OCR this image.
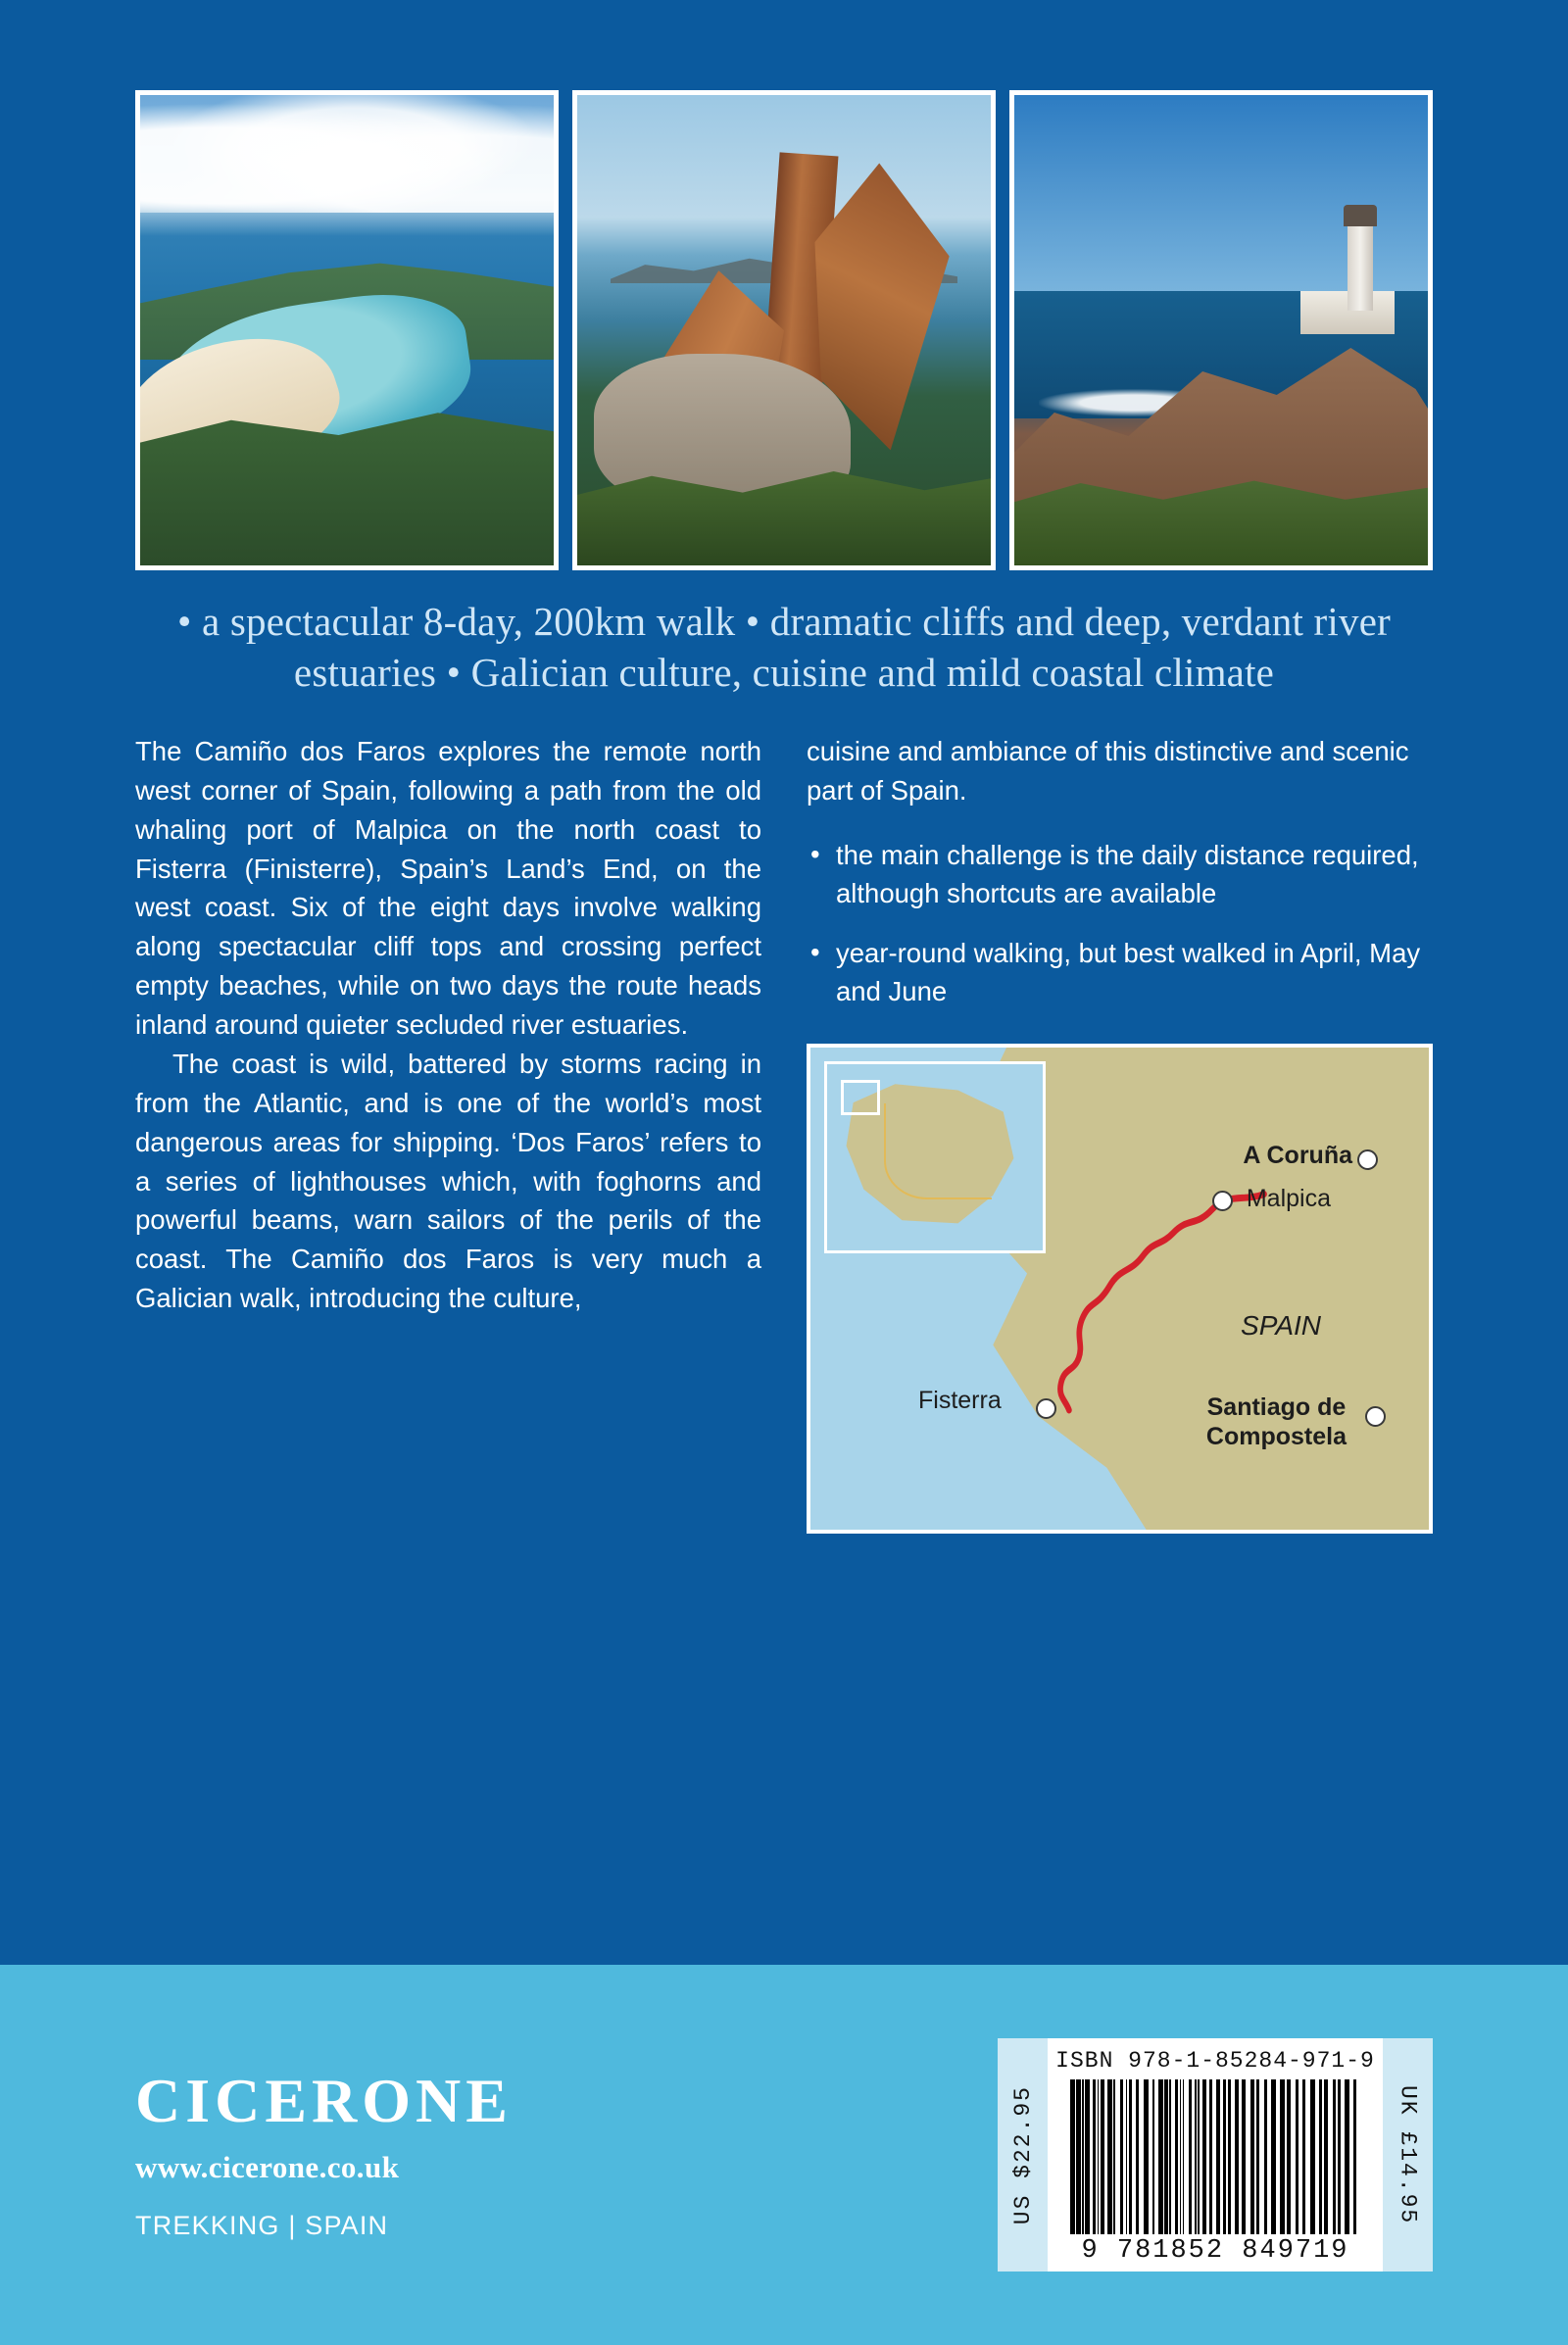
• a spectacular 8-day, 200km walk • dramatic cliffs and deep, verdant river estuaries • Galician culture, cuisine and mild coastal climate

The Camiño dos Faros explores the remote north west corner of Spain, following a path from the old whaling port of Malpica on the north coast to Fisterra (Finisterre), Spain’s Land’s End, on the west coast. Six of the eight days involve walking along spectacular cliff tops and crossing perfect empty beaches, while on two days the route heads inland around quieter secluded river estuaries.

The coast is wild, battered by storms racing in from the Atlantic, and is one of the world’s most dangerous areas for shipping. ‘Dos Faros’ refers to a series of lighthouses which, with foghorns and powerful beams, warn sailors of the perils of the coast. The Camiño dos Faros is very much a Galician walk, introducing the culture,

cuisine and ambiance of this distinctive and scenic part of Spain.

• the main challenge is the daily distance required, although shortcuts are available
• year-round walking, but best walked in April, May and June
A Coruña
Malpica
SPAIN
Fisterra	Santiago de
Compostela
CICERONE
www.cicerone.co.uk
TREKKING | SPAIN
US $22.95
ISBN 978-1-85284-971-9
9 781852 849719
UK £14.95
